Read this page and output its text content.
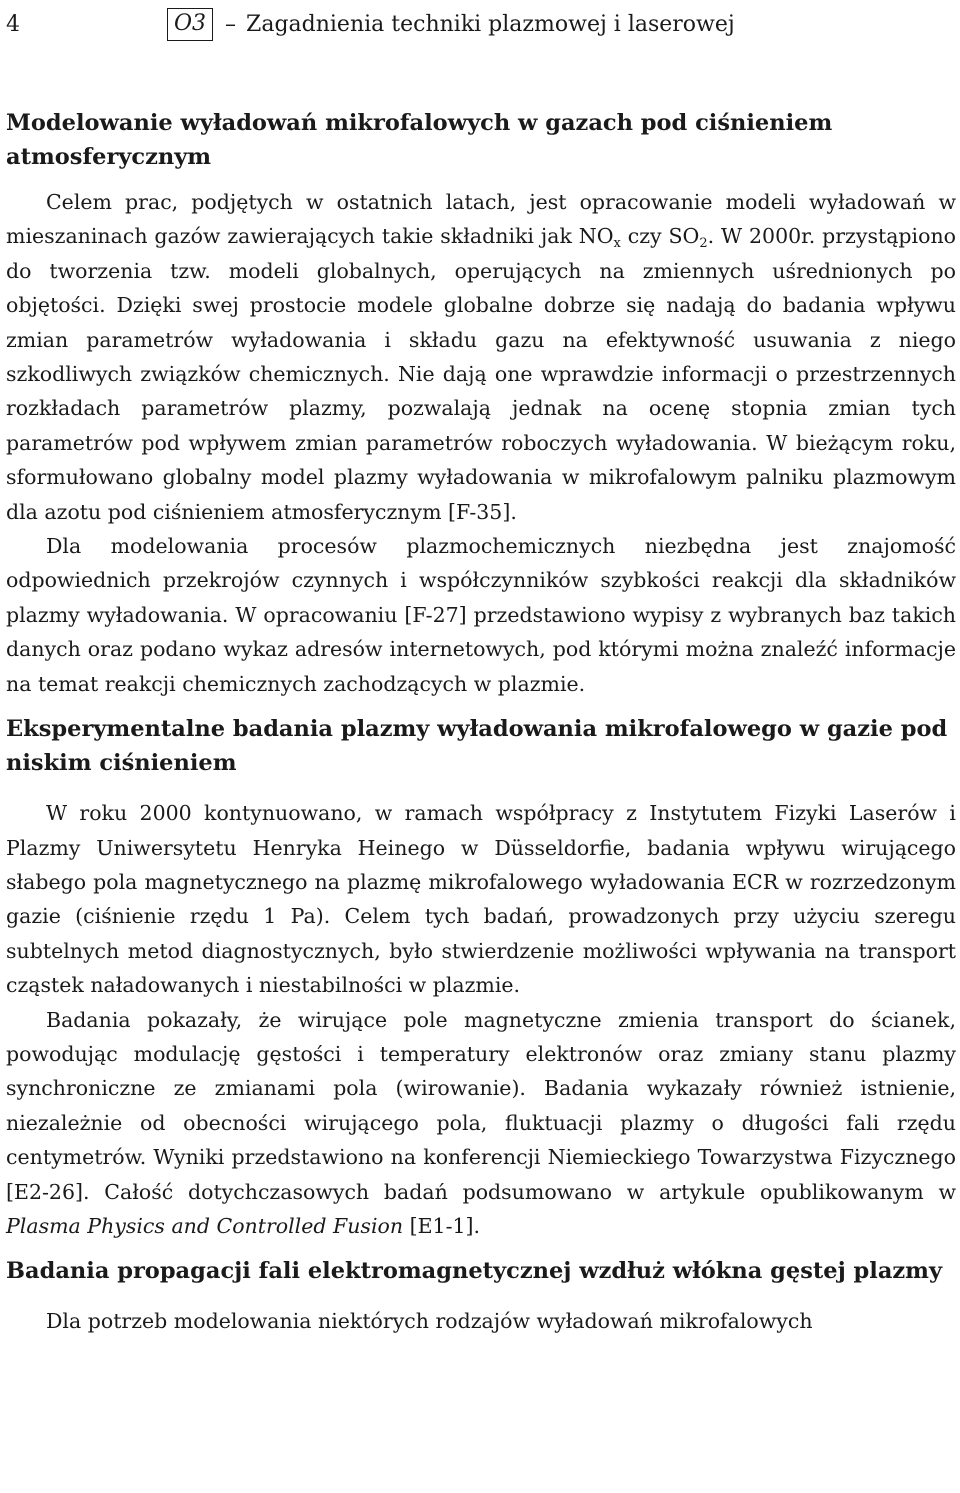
4	O3 – Zagadnienia techniki plazmowej i laserowej
Modelowanie wyładowań mikrofalowych w gazach pod ciśnieniem atmosferycznym

Celem prac, podjętych w ostatnich latach, jest opracowanie modeli wyładowań w mieszaninach gazów zawierających takie składniki jak $NO_x$ czy $SO_2$. W 2000r. przystąpiono do tworzenia tzw. modeli globalnych, operujących na zmiennych uśrednionych po objętości. Dzięki swej prostocie modele globalne dobrze się nadają do badania wpływu zmian parametrów wyładowania i składu gazu na efektywność usuwania z niego szkodliwych związków chemicznych. Nie dają one wprawdzie informacji o przestrzennych rozkładach parametrów plazmy, pozwalają jednak na ocenę stopnia zmian tych parametrów pod wpływem zmian parametrów roboczych wyładowania. W bieżącym roku, sformułowano globalny model plazmy wyładowania w mikrofalowym palniku plazmowym dla azotu pod ciśnieniem atmosferycznym [F-35].

Dla modelowania procesów plazmochemicznych niezbędna jest znajomość odpowiednich przekrojów czynnych i współczynników szybkości reakcji dla składników plazmy wyładowania. W opracowaniu [F-27] przedstawiono wypisy z wybranych baz takich danych oraz podano wykaz adresów internetowych, pod którymi można znaleźć informacje na temat reakcji chemicznych zachodzących w plazmie.

Eksperymentalne badania plazmy wyładowania mikrofalowego w gazie pod niskim ciśnieniem

W roku 2000 kontynuowano, w ramach współpracy z Instytutem Fizyki Laserów i Plazmy Uniwersytetu Henryka Heinego w Düsseldorfie, badania wpływu wirującego słabego pola magnetycznego na plazmę mikrofalowego wyładowania ECR w rozrzedzonym gazie (ciśnienie rzędu 1 Pa). Celem tych badań, prowadzonych przy użyciu szeregu subtelnych metod diagnostycznych, było stwierdzenie możliwości wpływania na transport cząstek naładowanych i niestabilności w plazmie.

Badania pokazały, że wirujące pole magnetyczne zmienia transport do ścianek, powodując modulację gęstości i temperatury elektronów oraz zmiany stanu plazmy synchroniczne ze zmianami pola (wirowanie). Badania wykazały również istnienie, niezależnie od obecności wirującego pola, fluktuacji plazmy o długości fali rzędu centymetrów. Wyniki przedstawiono na konferencji Niemieckiego Towarzystwa Fizycznego [E2-26]. Całość dotychczasowych badań podsumowano w artykule opublikowanym w Plasma Physics and Controlled Fusion [E1-1].

Badania propagacji fali elektromagnetycznej wzdłuż włókna gęstej plazmy

Dla potrzeb modelowania niektórych rodzajów wyładowań mikrofalowych
